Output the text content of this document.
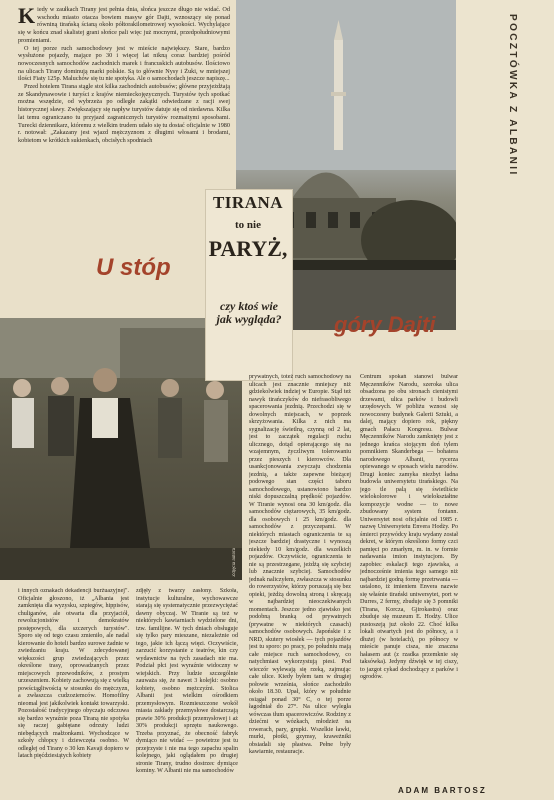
Kiedy w zaułkach Tirany jest pełnia dnia, słońca jeszcze długo nie widać. Od wschodu miasto otacza bowiem masyw gór Dajti, wznoszący się ponad równiną tirańską ścianą około półtorakilometrowej wysokości. Wychylające się w końcu znad skalistej grani słońce pali więc już mocnymi, przedpołudniowymi promieniami.

O tej porze ruch samochodowy jest w mieście największy. Stare, bardzo wysłużone pojazdy, mające po 30 i więcej lat nikną coraz bardziej pośród nowoczesnych samochodów zachodnich marek i francuskich autobusów. Ilościowo na ulicach Tirany dominują marki polskie. Są to głównie Nysy i Żuki, w mniejszej ilości Fiaty 125p. Maluchów się tu nie spotyka. Ale o samochodach jeszcze napiszę...

Przed hotelem Tirana stągle stoi kilka zachodnich autobusów; główne przyjeżdżają ze Skandynawowie i turyści z krajów niemieckojęzycznych. Turystów tych spotkać można wszędzie, od wybrzeża po odległe zakątki odwiedzane z racji swej historycznej sławy. Zwiększający się napływ turystów datuje się od niedawna. Kilka lat temu ograniczano tu przyjazd zagranicznych turystów rozmaitymi sposobami. Turecki dziennikarz, któremu z wielkim trudem udało się tu dostać oficjalnie w 1980 r. notował: „Zakazany jest wjazd mężczyznom z długimi włosami i brodami, kobietom w krótkich sukienkach, obcisłych spodniach	POCZTÓWKA Z ALBANII
Zdjęcia autora
TIRANA
to nie
PARYŻ,
czy ktoś wie jak wygląda?
U stóp
góry Dajti
i innych oznakach dekadencji burżuazyjnej". Oficjalnie głoszono, iż „Albania jest zamknięta dla wyzysku, szpiegów, hippisów, chuliganów, ale otwarta dla przyjaciół, rewolucjonistów i demokratów postępowych, dla szczerych turystów". Sporo się od tego czasu zmieniło, ale nadal kierowanie do hoteli bardzo surowe żadnie w zwiedzaniu kraju. W zdecydowanej większości grup zwiedzających przez określone trasy, oprowadzanych przez miejscowych przewodników, z prostym urzeszeniem. Kobiety zachowują się z wielką powściągliwością w stosunku do mężczyzn, a zwłaszcza cudzoziemców. Homofilny nieomal jest jakikolwiek kontakt towarzyski. Pozostałość tradycyjnego obyczaju odczuwa się bardzo wyraźnie poza Tiraną nie spotyka się raczej gabiętane odrzuty ludzi niebędących małżonkami. Wychodzące w szkoły chłopcy i dziewczęta osobno. W odległej od Tirany o 30 km Kavaji dopiero w latach pięćdziesiątych kobiety
zdjęły z twarzy zasłony. Szkoła, instytucje kulturalne, wychowawcze starają się systematycznie przezwyciężać dawny obyczaj. W Tiranie są też w niektórych kawiarniach wydzielone dni, tzw. familijne. W tych dniach obsługuje się tylko pary mieszane, niezależnie od tego, jakie ich łączą więzi. Oczywiście, zarzucić korzystanie z teatrów, kin czy wydawnictw na tych zasadach nie ma. Podział płci jest wyraźnie widoczny w wiejskich. Przy ludzie szczególnie zauważa się, że nawet 3 kolejki: osobno kobiety, osobno mężczyźni. Stolica Albanii jest wielkim ośrodkiem przemysłowym. Rozmieszczone wokół miasta zakłady przemysłowe dostarczają prawie 30% produkcji przemysłowej i aż 30% produkcji sprzętu naukowego. Trzeba przyznać, że obecność fabryk dymiąco nie widać — powietrze jest tu przejrzyste i nie ma tego zapachu spalin kolejnego, jaki oglądałem po drugiej stronie Tirany, trudno dostrzec dymiące kominy. W Albanii nie ma samochodów
prywatnych, toteż ruch samochodowy na ulicach jest znacznie mniejszy niż gdziekolwiek indziej w Europie. Stąd też nawyk tirańczyków do niefrasobliwego spacerowania jezdnią. Przechodzi się w dowolnych miejscach, w poprzek skrzyżowania. Kilka z nich ma sygnalizację świetlną, czynną od 2 lat, jest to zaczątek regulacji ruchu ulicznego, dotąd opierającego się na wzajemnym, życzliwym tolerowaniu przez pieszych i kierowców. Dla usankcjonowania zwyczaju chodzenia jezdnią, a także zapewne bieżącej podowego stan części taboru samochodowego, ustanowiono bardzo niski dopuszczalną prędkość pojazdów. W Tiranie wynosi ona 30 km/godz. dla samochodów ciężarowych, 35 km/godz. dla osobowych i 25 km/godz. dla samochodów z przyczepami. W niektórych miastach ograniczenia te są jeszcze bardziej drastyczne i wynoszą niekiedy 10 km/godz. dla wszelkich pojazdów. Oczywiście, ograniczenia te nie są przestrzegane, jeżdżą się szybciej lub znacznie szybciej. Samochodów jednak naliczyłem, zwłaszcza w stosunku do rowerzystów, którzy poruszają się bez opieki, jeżdżą dowolną stroną i skręcają w najbardziej nieoczekiwanych momentach. Jeszcze jedno zjawisko jest podobną branką od prywatnych (prywatne w niektórych czasach) samochodów osobowych. Japońskie i z NRD, skutery wiosłek — tych pojazdów jest tu sporo: po pracy, po południu mają całe miejsce ruch samochodowy, co natychmiast wykorzystują piesi. Pod wieczór wylewają się rzeką, zajmując całe ulice. Kiedy byłem tam w drugiej połowie września, słońce zachodziło około 18.30. Upał, który w południe osiągał ponad 30° C, o tej porze łagodniał do 27°. Na ulice wyległa wówczas tłum spacerowiczów. Rodziny z dziećmi w wózkach, młodzież na rowerach, pary, grupki. Wszelkie ławki, murki, płotki, gzymsy, kraweżniki obsiadali się płastwa. Pełne były kawiarnie, restauracje.
Centrum spokań stanowi bulwar Męczenników Narodu, szeroka ulica obsadzona po obu stronach cienistymi drzewami, ulica parków i budowli urzędowych. W pobliżu wznosi się nowoczesny budynek Galerii Sztuki, a dalej, mający dopiero rok, piękny gmach Pałacu Kongresu. Bulwar Męczenników Narodu zamknięty jest z jednego krańca stojącym doń tylem pomnikiem Skanderbega — bohatera narodowego Albanii, rycerza opiewanego w eposach wielu narodów. Drugi koniec zamyka niezbyt ładna budowla uniwersytetu tirańskiego. Na jego tle palą się świetliście wielokolorowe i wielokształtne kompozycje wodne — to nowe zbudowany system fontann. Uniwersytet nosi oficjalnie od 1985 r. nazwę Uniwersytetu Envera Hodży. Po śmierci przywódcy kraju wydany został dekret, w którym określono formy czci pamięci po zmarłym, m. in. w formie nadawania imion instytucjom. By zapobiec eskalacji tego zjawiska, a jednocześnie imienia tego samego niż najbardziej godną formę przetrwania — ustalono, iż imieniem Envera nazwie się właśnie tirański uniwersytet, port w Durres, 2 fermy, zbuduje się 3 pomniki (Tirana, Korcza, Gjirokastra) oraz zbuduje się muzeum E. Hodży. Ulice pustoszeją już około 22. Choć kilka lokali otwartych jest do północy, a i dłużej (w hotelach), po północy w mieście panuje cisza, nie znaczna hałasem aut (z rzadka przemknie się taksówka). Jedyny dźwięk w tej ciszy, to jazgot cykad dochodzący z parków i ogrodów.
ADAM BARTOSZ
